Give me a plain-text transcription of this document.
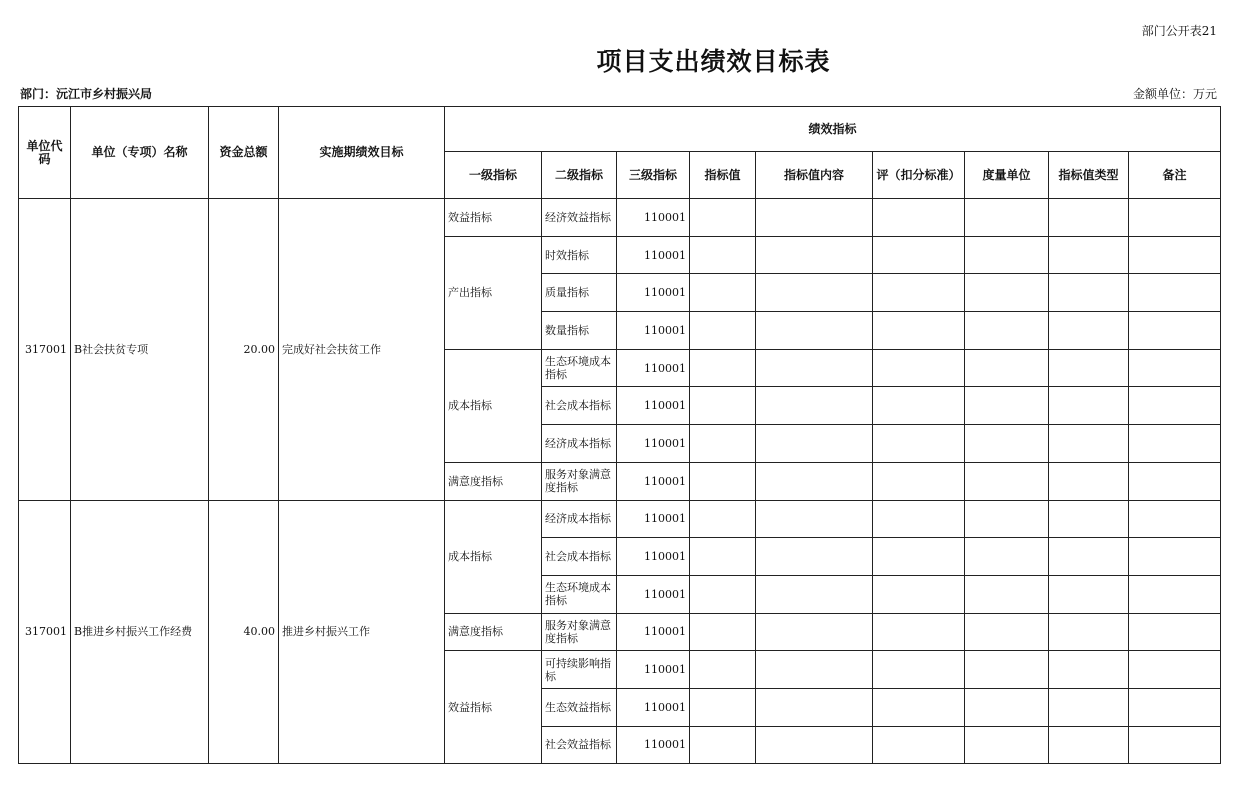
部门公开表21
项目支出绩效目标表
部门：沅江市乡村振兴局	金额单位：万元
单位代码	单位（专项）名称	资金总额	实施期绩效目标	绩效指标								
				一级指标	二级指标	三级指标	指标值	指标值内容	评（扣分标准）	度量单位	指标值类型	备注
317001	B社会扶贫专项	20.00	完成好社会扶贫工作	效益指标	经济效益指标	110001						
				产出指标	时效指标	110001						
					质量指标	110001						
					数量指标	110001						
				成本指标	生态环境成本指标	110001						
					社会成本指标	110001						
					经济成本指标	110001						
				满意度指标	服务对象满意度指标	110001						
317001	B推进乡村振兴工作经费	40.00	推进乡村振兴工作	成本指标	经济成本指标	110001						
					社会成本指标	110001						
					生态环境成本指标	110001						
				满意度指标	服务对象满意度指标	110001						
				效益指标	可持续影响指标	110001						
					生态效益指标	110001						
					社会效益指标	110001						
